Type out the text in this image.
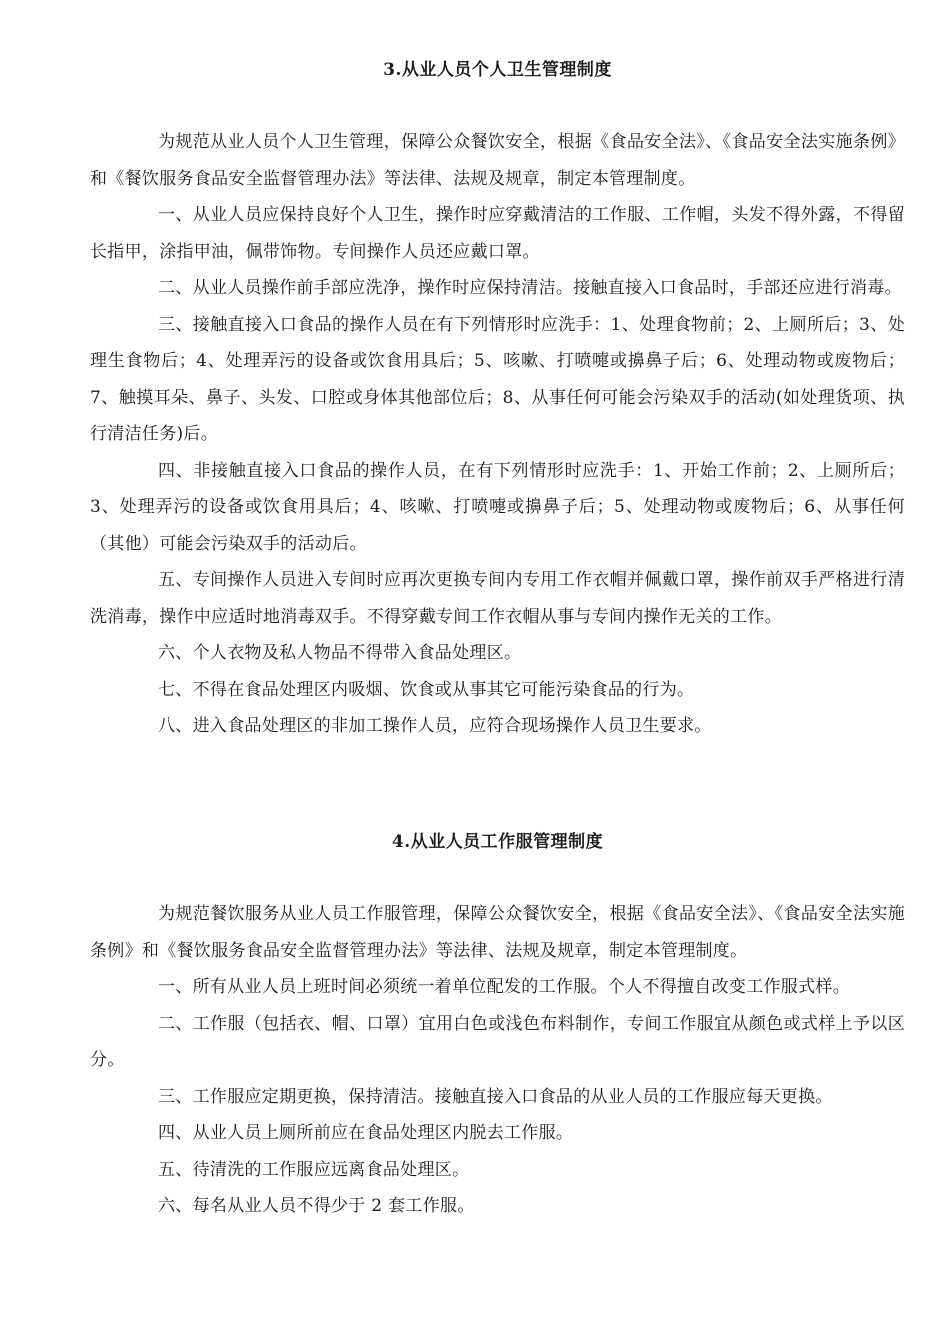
3.从业人员个人卫生管理制度

为规范从业人员个人卫生管理，保障公众餐饮安全，根据《食品安全法》、《食品安全法实施条例》和《餐饮服务食品安全监督管理办法》等法律、法规及规章，制定本管理制度。

一、从业人员应保持良好个人卫生，操作时应穿戴清洁的工作服、工作帽，头发不得外露，不得留长指甲，涂指甲油，佩带饰物。专间操作人员还应戴口罩。

二、从业人员操作前手部应洗净，操作时应保持清洁。接触直接入口食品时，手部还应进行消毒。

三、接触直接入口食品的操作人员在有下列情形时应洗手：1、处理食物前；2、上厕所后；3、处理生食物后；4、处理弄污的设备或饮食用具后；5、咳嗽、打喷嚏或擤鼻子后；6、处理动物或废物后；7、触摸耳朵、鼻子、头发、口腔或身体其他部位后；8、从事任何可能会污染双手的活动(如处理货项、执行清洁任务)后。

四、非接触直接入口食品的操作人员，在有下列情形时应洗手：1、开始工作前；2、上厕所后；3、处理弄污的设备或饮食用具后；4、咳嗽、打喷嚏或擤鼻子后；5、处理动物或废物后；6、从事任何（其他）可能会污染双手的活动后。

五、专间操作人员进入专间时应再次更换专间内专用工作衣帽并佩戴口罩，操作前双手严格进行清洗消毒，操作中应适时地消毒双手。不得穿戴专间工作衣帽从事与专间内操作无关的工作。

六、个人衣物及私人物品不得带入食品处理区。

七、不得在食品处理区内吸烟、饮食或从事其它可能污染食品的行为。

八、进入食品处理区的非加工操作人员，应符合现场操作人员卫生要求。

4.从业人员工作服管理制度

为规范餐饮服务从业人员工作服管理，保障公众餐饮安全，根据《食品安全法》、《食品安全法实施条例》和《餐饮服务食品安全监督管理办法》等法律、法规及规章，制定本管理制度。

一、所有从业人员上班时间必须统一着单位配发的工作服。个人不得擅自改变工作服式样。

二、工作服（包括衣、帽、口罩）宜用白色或浅色布料制作，专间工作服宜从颜色或式样上予以区分。

三、工作服应定期更换，保持清洁。接触直接入口食品的从业人员的工作服应每天更换。

四、从业人员上厕所前应在食品处理区内脱去工作服。

五、待清洗的工作服应远离食品处理区。

六、每名从业人员不得少于 2 套工作服。
